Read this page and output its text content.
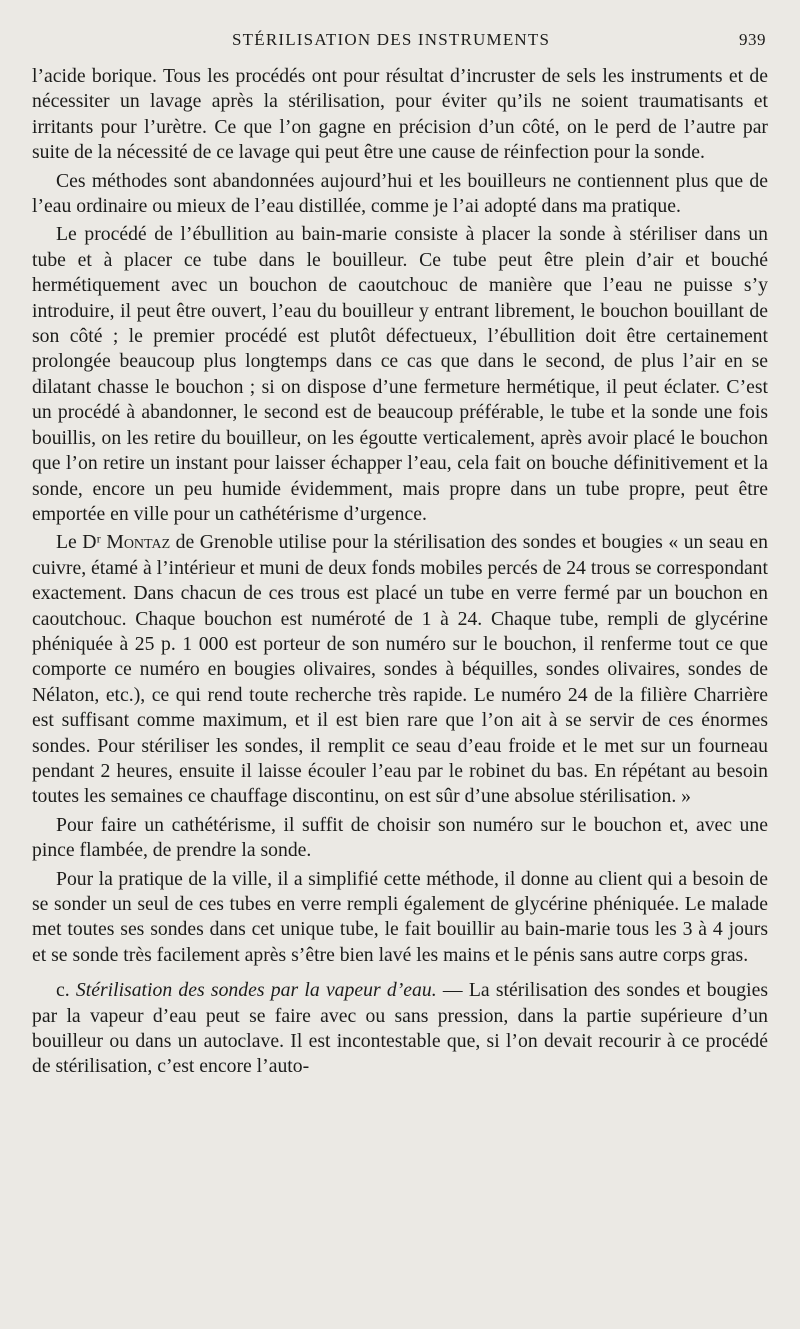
STÉRILISATION DES INSTRUMENTS	939

l’acide borique. Tous les procédés ont pour résultat d’incruster de sels les instruments et de nécessiter un lavage après la stérilisation, pour éviter qu’ils ne soient traumatisants et irritants pour l’urètre. Ce que l’on gagne en précision d’un côté, on le perd de l’autre par suite de la nécessité de ce lavage qui peut être une cause de réinfection pour la sonde.

Ces méthodes sont abandonnées aujourd’hui et les bouilleurs ne contiennent plus que de l’eau ordinaire ou mieux de l’eau distillée, comme je l’ai adopté dans ma pratique.

Le procédé de l’ébullition au bain-marie consiste à placer la sonde à stériliser dans un tube et à placer ce tube dans le bouilleur. Ce tube peut être plein d’air et bouché hermétiquement avec un bouchon de caoutchouc de manière que l’eau ne puisse s’y introduire, il peut être ouvert, l’eau du bouilleur y entrant librement, le bouchon bouillant de son côté ; le premier procédé est plutôt défectueux, l’ébullition doit être certainement prolongée beaucoup plus longtemps dans ce cas que dans le second, de plus l’air en se dilatant chasse le bouchon ; si on dispose d’une fermeture hermétique, il peut éclater. C’est un procédé à abandonner, le second est de beaucoup préférable, le tube et la sonde une fois bouillis, on les retire du bouilleur, on les égoutte verticalement, après avoir placé le bouchon que l’on retire un instant pour laisser échapper l’eau, cela fait on bouche définitivement et la sonde, encore un peu humide évidemment, mais propre dans un tube propre, peut être emportée en ville pour un cathétérisme d’urgence.

Le Dʳ Montaz de Grenoble utilise pour la stérilisation des sondes et bougies « un seau en cuivre, étamé à l’intérieur et muni de deux fonds mobiles percés de 24 trous se correspondant exactement. Dans chacun de ces trous est placé un tube en verre fermé par un bouchon en caoutchouc. Chaque bouchon est numéroté de 1 à 24. Chaque tube, rempli de glycérine phéniquée à 25 p. 1 000 est porteur de son numéro sur le bouchon, il renferme tout ce que comporte ce numéro en bougies olivaires, sondes à béquilles, sondes olivaires, sondes de Nélaton, etc.), ce qui rend toute recherche très rapide. Le numéro 24 de la filière Charrière est suffisant comme maximum, et il est bien rare que l’on ait à se servir de ces énormes sondes. Pour stériliser les sondes, il remplit ce seau d’eau froide et le met sur un fourneau pendant 2 heures, ensuite il laisse écouler l’eau par le robinet du bas. En répétant au besoin toutes les semaines ce chauffage discontinu, on est sûr d’une absolue stérilisation. »

Pour faire un cathétérisme, il suffit de choisir son numéro sur le bouchon et, avec une pince flambée, de prendre la sonde.

Pour la pratique de la ville, il a simplifié cette méthode, il donne au client qui a besoin de se sonder un seul de ces tubes en verre rempli également de glycérine phéniquée. Le malade met toutes ses sondes dans cet unique tube, le fait bouillir au bain-marie tous les 3 à 4 jours et se sonde très facilement après s’être bien lavé les mains et le pénis sans autre corps gras.

c. Stérilisation des sondes par la vapeur d’eau. — La stérilisation des sondes et bougies par la vapeur d’eau peut se faire avec ou sans pression, dans la partie supérieure d’un bouilleur ou dans un autoclave. Il est incontestable que, si l’on devait recourir à ce procédé de stérilisation, c’est encore l’auto-
